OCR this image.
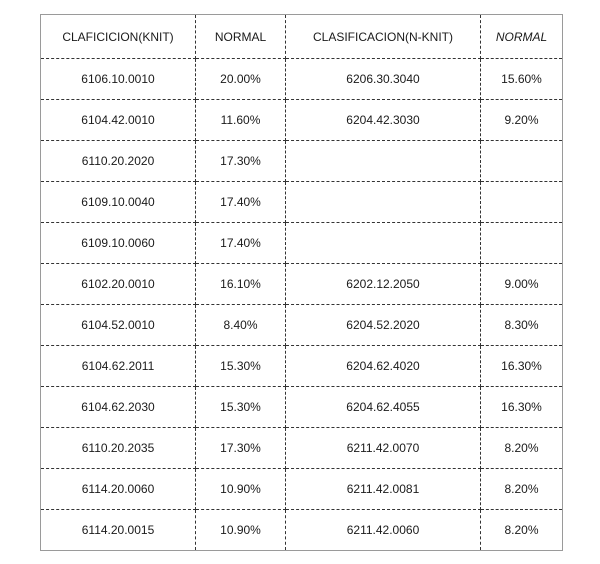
CLAFICICION(KNIT)	NORMAL	CLASIFICACION(N-KNIT)	NORMAL
6106.10.0010	20.00%	6206.30.3040	15.60%
6104.42.0010	11.60%	6204.42.3030	9.20%
6110.20.2020	17.30%		
6109.10.0040	17.40%		
6109.10.0060	17.40%		
6102.20.0010	16.10%	6202.12.2050	9.00%
6104.52.0010	8.40%	6204.52.2020	8.30%
6104.62.2011	15.30%	6204.62.4020	16.30%
6104.62.2030	15.30%	6204.62.4055	16.30%
6110.20.2035	17.30%	6211.42.0070	8.20%
6114.20.0060	10.90%	6211.42.0081	8.20%
6114.20.0015	10.90%	6211.42.0060	8.20%
